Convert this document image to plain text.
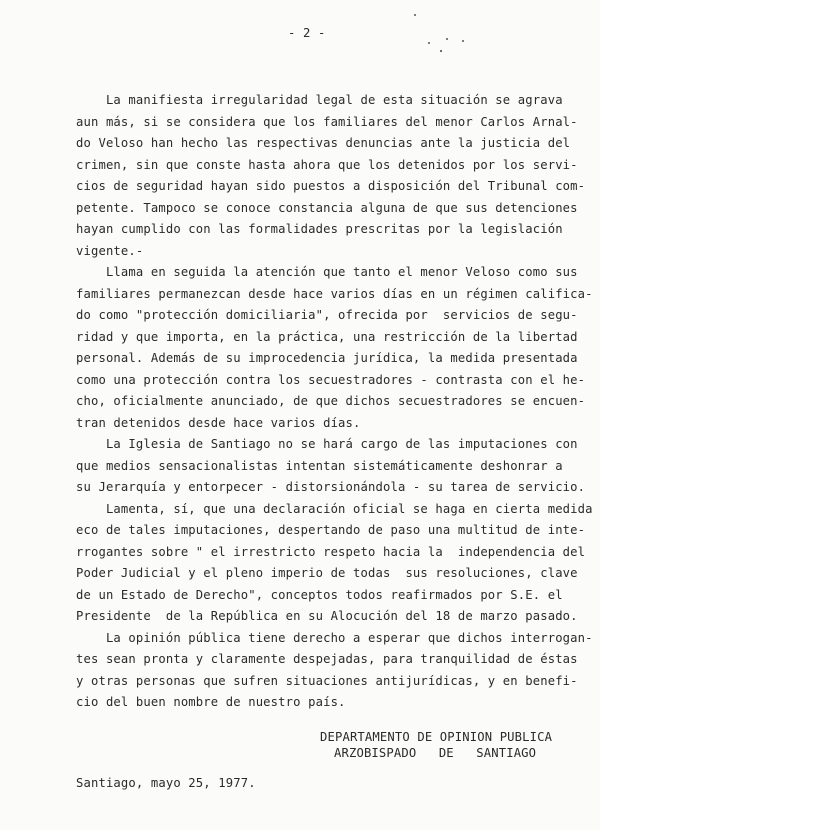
- 2 -

La manifiesta irregularidad legal de esta situación se agrava

aun más, si se considera que los familiares del menor Carlos Arnal-

do Veloso han hecho las respectivas denuncias ante la justicia del

crimen, sin que conste hasta ahora que los detenidos por los servi-

cios de seguridad hayan sido puestos a disposición del Tribunal com-

petente. Tampoco se conoce constancia alguna de que sus detenciones

hayan cumplido con las formalidades prescritas por la legislación

vigente.-

Llama en seguida la atención que tanto el menor Veloso como sus

familiares permanezcan desde hace varios días en un régimen califica-

do como "protección domiciliaria", ofrecida por  servicios de segu-

ridad y que importa, en la práctica, una restricción de la libertad

personal. Además de su improcedencia jurídica, la medida presentada

como una protección contra los secuestradores - contrasta con el he-

cho, oficialmente anunciado, de que dichos secuestradores se encuen-

tran detenidos desde hace varios días.

La Iglesia de Santiago no se hará cargo de las imputaciones con

que medios sensacionalistas intentan sistemáticamente deshonrar a

su Jerarquía y entorpecer - distorsionándola - su tarea de servicio.

Lamenta, sí, que una declaración oficial se haga en cierta medida

eco de tales imputaciones, despertando de paso una multitud de inte-

rrogantes sobre " el irrestricto respeto hacia la  independencia del

Poder Judicial y el pleno imperio de todas  sus resoluciones, clave

de un Estado de Derecho", conceptos todos reafirmados por S.E. el

Presidente  de la República en su Alocución del 18 de marzo pasado.

La opinión pública tiene derecho a esperar que dichos interrogan-

tes sean pronta y claramente despejadas, para tranquilidad de éstas

y otras personas que sufren situaciones antijurídicas, y en benefi-

cio del buen nombre de nuestro país.

DEPARTAMENTO DE OPINION PUBLICA
ARZOBISPADO   DE   SANTIAGO
Santiago, mayo 25, 1977.
